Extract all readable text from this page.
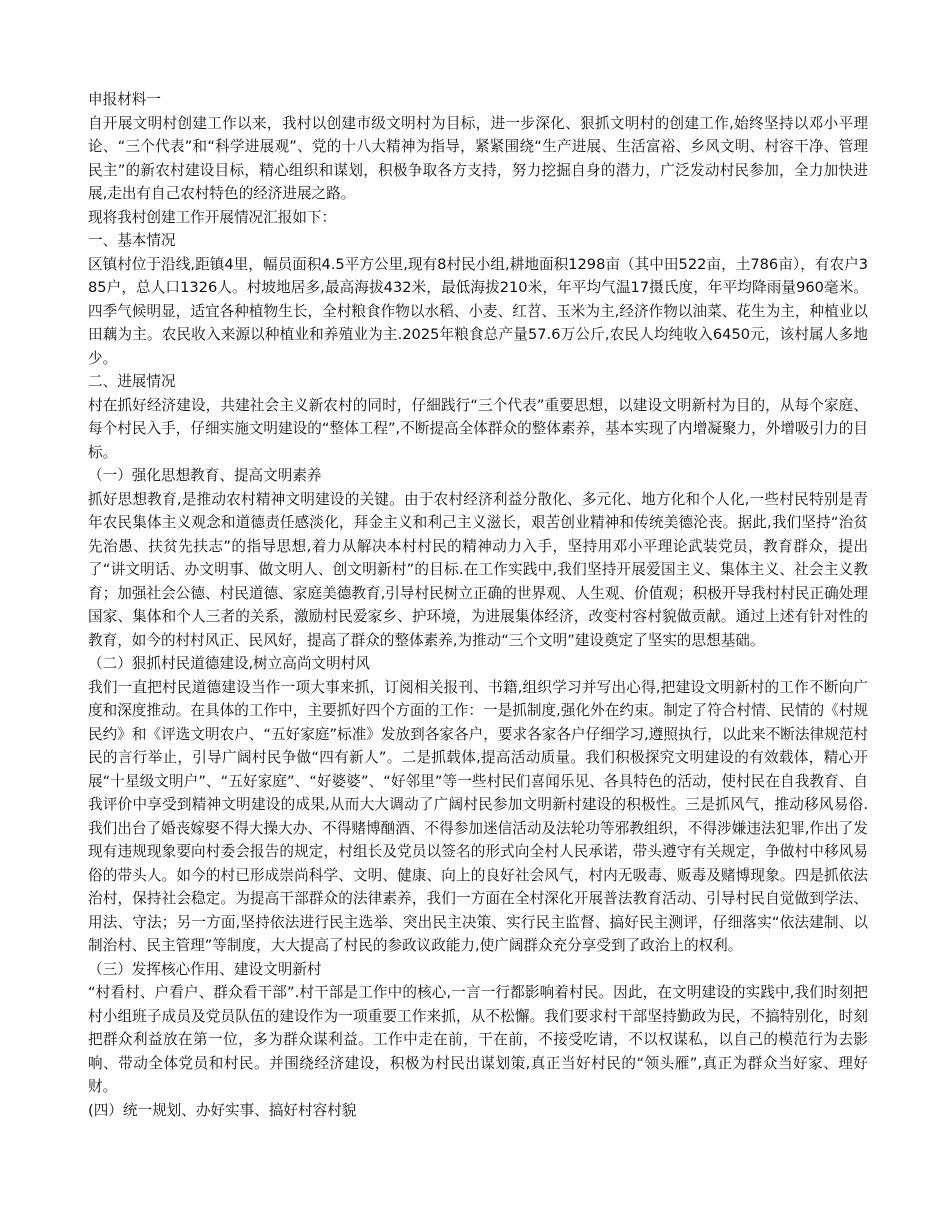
申报材料一

自开展文明村创建工作以来，我村以创建市级文明村为目标，进一步深化、狠抓文明村的创建工作,始终坚持以邓小平理论、“三个代表”和“科学进展观”、党的十八大精神为指导，紧紧围绕“生产进展、生活富裕、乡风文明、村容干净、管理民主”的新农村建设目标，精心组织和谋划，积极争取各方支持，努力挖掘自身的潜力，广泛发动村民参加，全力加快进展,走出有自己农村特色的经济进展之路。

现将我村创建工作开展情况汇报如下：

一、基本情况

区镇村位于沿线,距镇4里，幅员面积4.5平方公里,现有8村民小组,耕地面积1298亩（其中田522亩，土786亩），有农户385户，总人口1326人。村坡地居多,最高海拔432米，最低海拔210米，年平均气温17摄氏度，年平均降雨量960毫米。四季气候明显，适宜各种植物生长，全村粮食作物以水稻、小麦、红苕、玉米为主,经济作物以油菜、花生为主，种植业以田藕为主。农民收入来源以种植业和养殖业为主.2025年粮食总产量57.6万公斤,农民人均纯收入6450元，该村属人多地少。

二、进展情况

村在抓好经济建设，共建社会主义新农村的同时，仔細践行“三个代表”重要思想，以建设文明新村为目的，从每个家庭、每个村民入手，仔细实施文明建设的“整体工程”,不断提高全体群众的整体素养，基本实现了内增凝聚力，外增吸引力的目标。

（一）强化思想教育、提高文明素养

抓好思想教育,是推动农村精神文明建设的关键。由于农村经济利益分散化、多元化、地方化和个人化,一些村民特别是青年农民集体主义观念和道德责任感淡化，拜金主义和利己主义滋长，艰苦创业精神和传统美德沦丧。据此,我们坚持“治贫先治愚、扶贫先扶志”的指导思想,着力从解决本村村民的精神动力入手，坚持用邓小平理论武装党员，教育群众，提出了“讲文明话、办文明事、做文明人、创文明新村”的目标.在工作实践中,我们坚持开展爱国主义、集体主义、社会主义教育；加强社会公德、村民道德、家庭美德教育,引导村民树立正确的世界观、人生观、价值观；积极开导我村村民正确处理国家、集体和个人三者的关系，激励村民爱家乡、护环境，为进展集体经济，改变村容村貌做贡献。通过上述有针对性的教育，如今的村村风正、民风好，提高了群众的整体素养,为推动“三个文明”建设奠定了坚实的思想基础。

（二）狠抓村民道德建设,树立高尚文明村风

我们一直把村民道德建设当作一项大事来抓，订阅相关报刊、书籍,组织学习并写出心得,把建设文明新村的工作不断向广度和深度推动。在具体的工作中，主要抓好四个方面的工作：一是抓制度,强化外在约束。制定了符合村情、民情的《村规民约》和《评选文明农户、“五好家庭”标准》发放到各家各户，要求各家各户仔细学习,遵照执行，以此来不断法律规范村民的言行举止，引导广阔村民争做“四有新人”。二是抓载体,提高活动质量。我们积极探究文明建设的有效载体，精心开展“十星级文明户”、“五好家庭”、“好婆婆”、“好邻里”等一些村民们喜闻乐见、各具特色的活动，使村民在自我教育、自我评价中享受到精神文明建设的成果,从而大大调动了广阔村民参加文明新村建设的积极性。三是抓风气，推动移风易俗.我们出台了婚丧嫁娶不得大操大办、不得赌博酗酒、不得参加迷信活动及法轮功等邪教组织，不得涉嫌违法犯罪,作出了发现有违规现象要向村委会报告的规定，村组长及党员以签名的形式向全村人民承诺，带头遵守有关规定，争做村中移风易俗的带头人。如今的村已形成崇尚科学、文明、健康、向上的良好社会风气，村内无吸毒、贩毒及赌博现象。四是抓依法治村，保持社会稳定。为提高干部群众的法律素养，我们一方面在全村深化开展普法教育活动、引导村民自觉做到学法、用法、守法；另一方面,坚持依法进行民主选举、突出民主决策、实行民主监督、搞好民主测评，仔细落实“依法建制、以制治村、民主管理”等制度，大大提高了村民的参政议政能力,使广阔群众充分享受到了政治上的权利。

（三）发挥核心作用、建设文明新村

“村看村、户看户、群众看干部”.村干部是工作中的核心,一言一行都影响着村民。因此，在文明建设的实践中,我们时刻把村小组班子成员及党员队伍的建设作为一项重要工作来抓，从不松懈。我们要求村干部坚持勤政为民，不搞特别化，时刻把群众利益放在第一位，多为群众谋利益。工作中走在前，干在前，不接受吃请，不以权谋私，以自己的模范行为去影响、带动全体党员和村民。并围绕经济建设，积极为村民出谋划策,真正当好村民的“领头雁”,真正为群众当好家、理好财。

(四）统一规划、办好实事、搞好村容村貌
